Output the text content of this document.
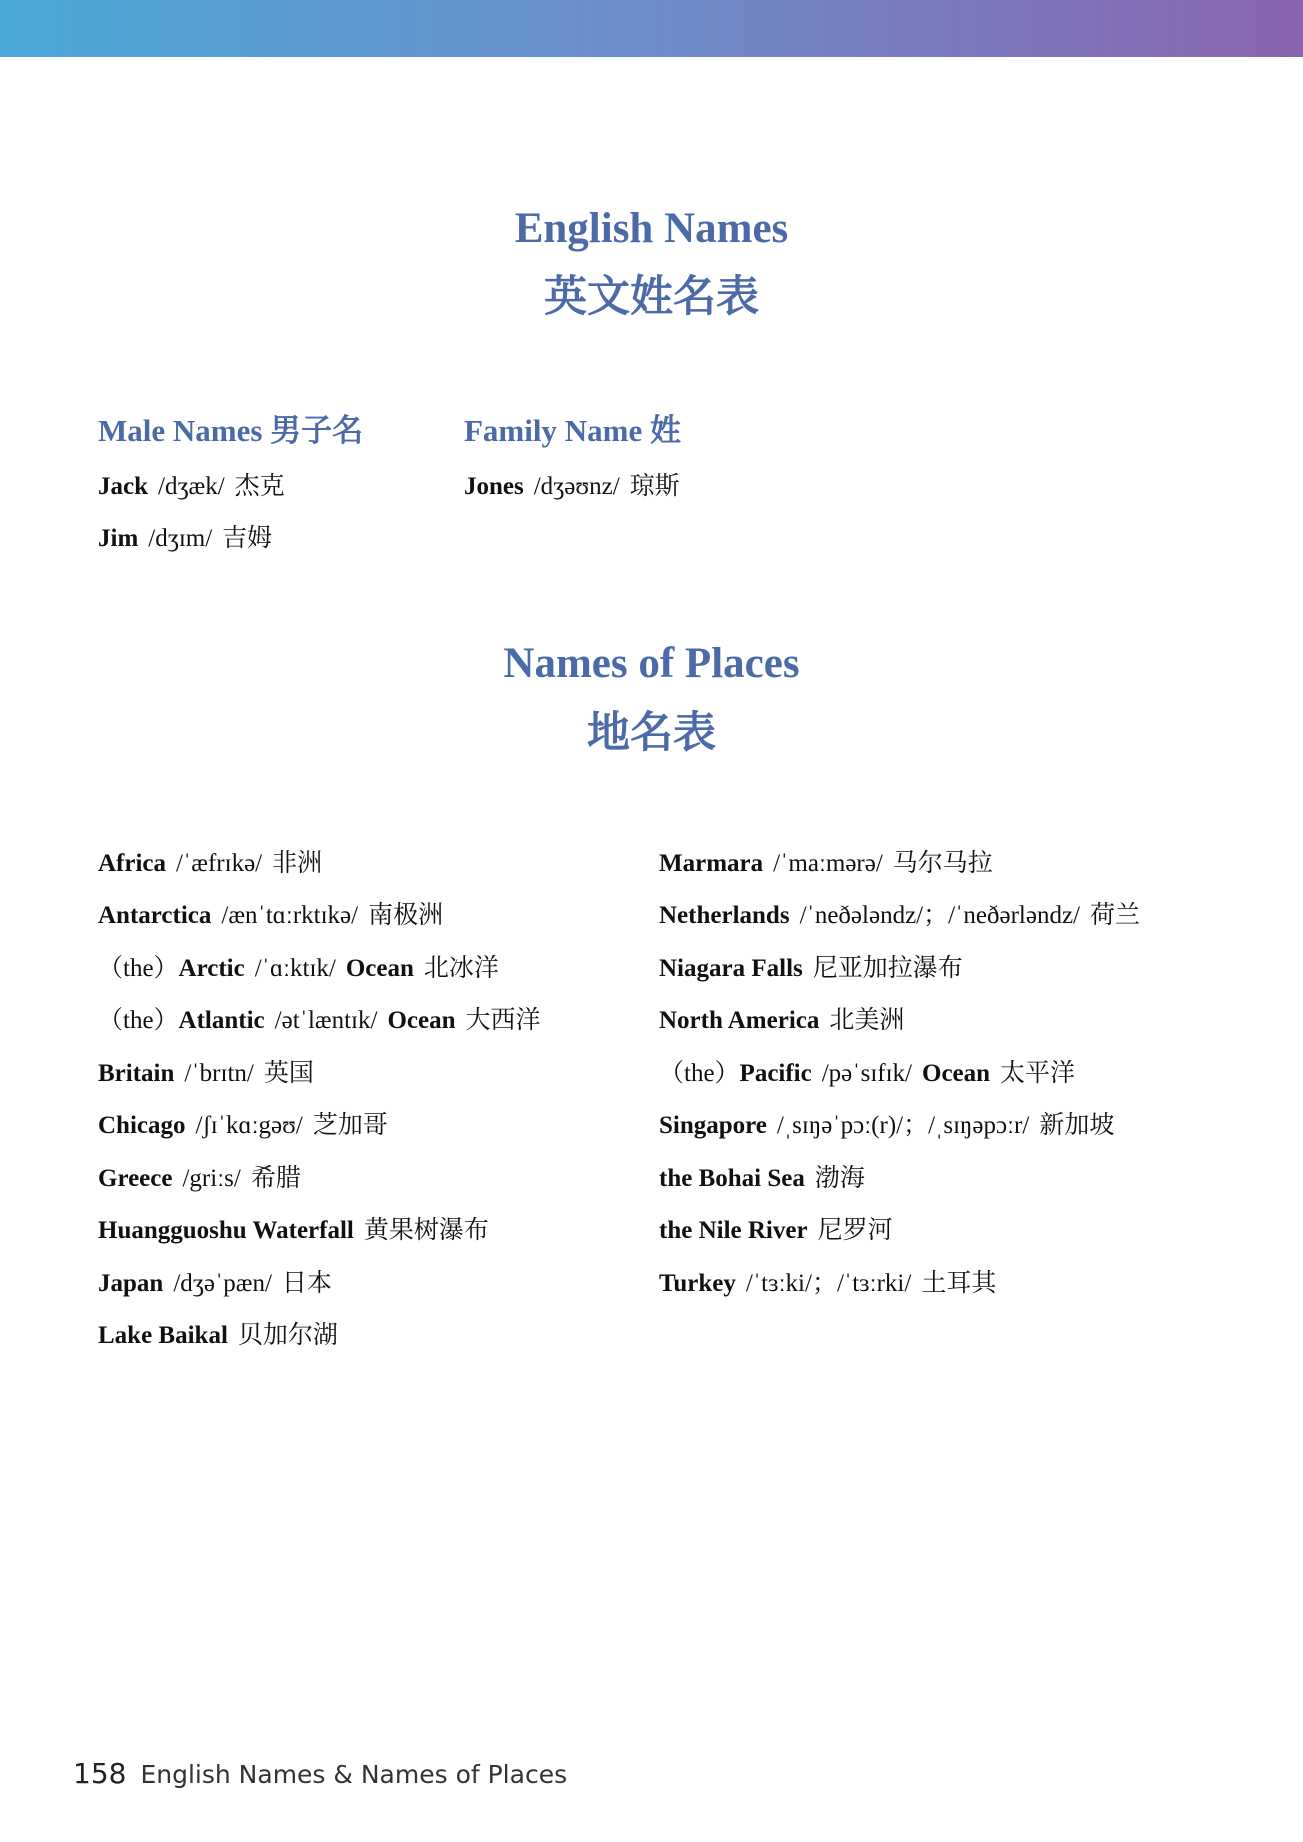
English Names
英文姓名表
Male Names 男子名	Family Name 姓
Jack /dʒæk/ 杰克
Jim /dʒɪm/ 吉姆
Jones /dʒəʊnz/ 琼斯
Names of Places
地名表
Africa /ˈæfrɪkə/ 非洲
Antarctica /ænˈtɑːrktɪkə/ 南极洲
（the）Arctic /ˈɑːktɪk/ Ocean 北冰洋
（the）Atlantic /ətˈlæntɪk/ Ocean 大西洋
Britain /ˈbrɪtn/ 英国
Chicago /ʃɪˈkɑːgəʊ/ 芝加哥
Greece /griːs/ 希腊
Huangguoshu Waterfall 黄果树瀑布
Japan /dʒəˈpæn/ 日本
Lake Baikal 贝加尔湖
Marmara /ˈmaːmərə/ 马尔马拉
Netherlands /ˈneðələndz/；/ˈneðərləndz/ 荷兰
Niagara Falls 尼亚加拉瀑布
North America 北美洲
（the）Pacific /pəˈsɪfɪk/ Ocean 太平洋
Singapore /ˌsɪŋəˈpɔː(r)/；/ˌsɪŋəpɔːr/ 新加坡
the Bohai Sea 渤海
the Nile River 尼罗河
Turkey /ˈtɜːki/；/ˈtɜːrki/ 土耳其
158 English Names & Names of Places
